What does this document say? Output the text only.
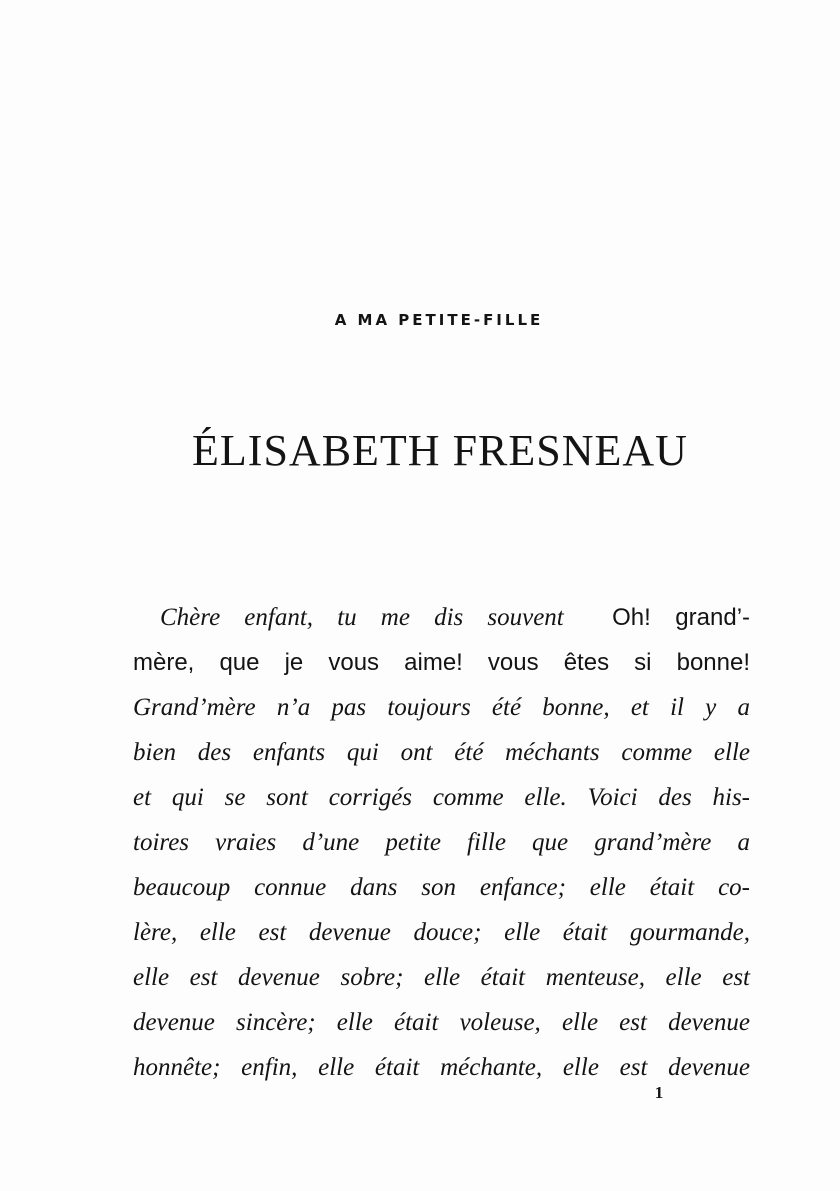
A MA PETITE-FILLE

ÉLISABETH FRESNEAU
Chère enfant, tu me dis souvent Oh! grand’-
mère, que je vous aime! vous êtes si bonne!
Grand’mère n’a pas toujours été bonne, et il y a
bien des enfants qui ont été méchants comme elle
et qui se sont corrigés comme elle. Voici des his-
toires vraies d’une petite fille que grand’mère a
beaucoup connue dans son enfance; elle était co-
lère, elle est devenue douce; elle était gourmande,
elle est devenue sobre; elle était menteuse, elle est
devenue sincère; elle était voleuse, elle est devenue
honnête; enfin, elle était méchante, elle est devenue

1
